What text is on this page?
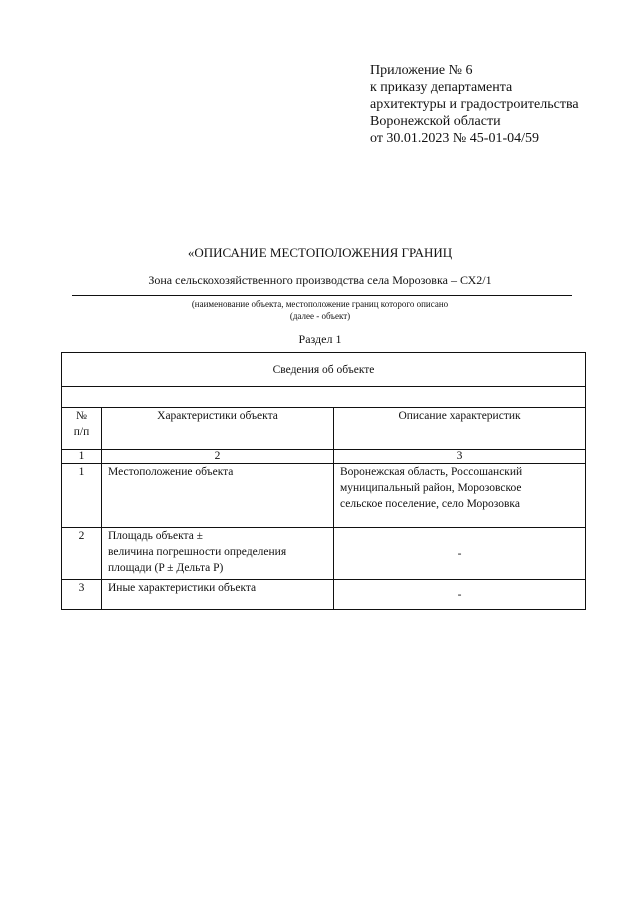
Приложение № 6
к приказу департамента
архитектуры и градостроительства
Воронежской области
от 30.01.2023 № 45-01-04/59
«ОПИСАНИЕ МЕСТОПОЛОЖЕНИЯ ГРАНИЦ
Зона сельскохозяйственного производства села Морозовка – СХ2/1
(наименование объекта, местоположение границ которого описано
(далее - объект)
Раздел 1
Сведения об объекте		

№
п/п	Характеристики объекта	Описание характеристик
1	2	3
1	Местоположение объекта	Воронежская область, Россошанский
муниципальный район, Морозовское
сельское поселение, село Морозовка

2	Площадь объекта ±
величина погрешности определения
площади (P ± Дельта P)	-
3	Иные характеристики объекта	-
